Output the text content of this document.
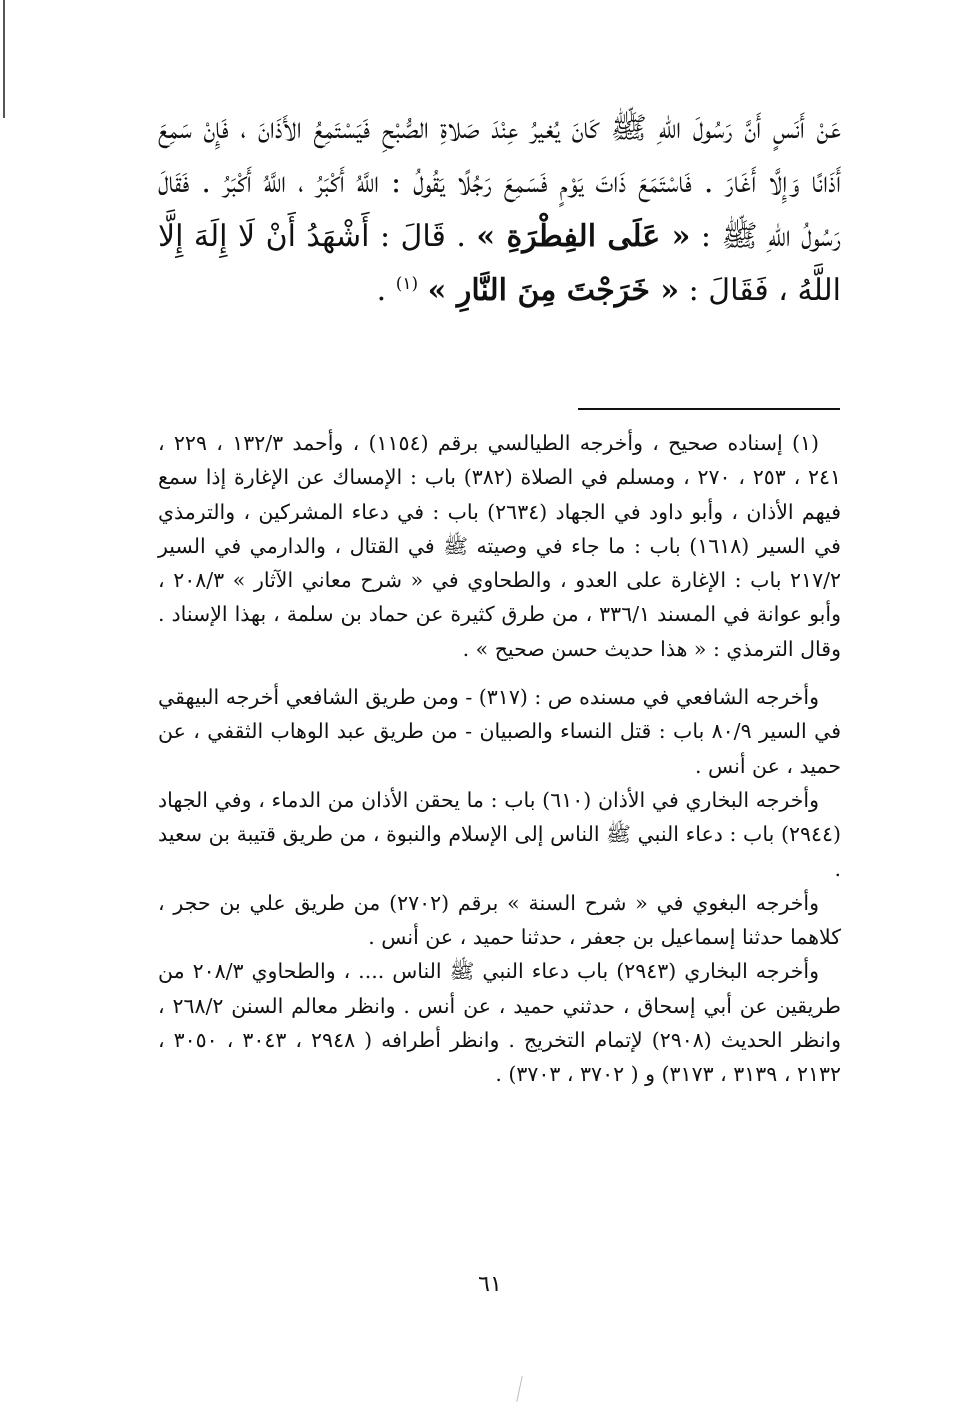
عَنْ أَنَسٍ أَنَّ رَسُولَ اللهِ ﷺ كَانَ يُغيرُ عِنْدَ صَلاةِ الصُّبْحِ فَيَسْتَمِعُ الأَذَانَ ، فَإِنْ سَمِعَ أَذَانًا وَإِلَّا أَغَارَ . فَاسْتَمَعَ ذَاتَ يَوْمٍ فَسَمِعَ رَجُلًا يَقُولُ : اللَّهُ أَكْبَرُ ، اللَّهُ أَكْبَرُ . فَقَالَ رَسُولُ اللهِ ﷺ : « عَلَى الفِطْرَةِ » . قَالَ : أَشْهَدُ أَنْ لَا إِلَهَ إِلَّا اللَّهُ ، فَقَالَ : « خَرَجْتَ مِنَ النَّارِ » $^{(١)}$ .

(١) إسناده صحيح ، وأخرجه الطيالسي برقم (١١٥٤) ، وأحمد ١٣٢/٣ ، ٢٢٩ ، ٢٤١ ، ٢٥٣ ، ٢٧٠ ، ومسلم في الصلاة (٣٨٢) باب : الإمساك عن الإغارة إذا سمع فيهم الأذان ، وأبو داود في الجهاد (٢٦٣٤) باب : في دعاء المشركين ، والترمذي في السير (١٦١٨) باب : ما جاء في وصيته ﷺ في القتال ، والدارمي في السير ٢١٧/٢ باب : الإغارة على العدو ، والطحاوي في « شرح معاني الآثار » ٢٠٨/٣ ، وأبو عوانة في المسند ٣٣٦/١ ، من طرق كثيرة عن حماد بن سلمة ، بهذا الإسناد . وقال الترمذي : « هذا حديث حسن صحيح » .

وأخرجه الشافعي في مسنده ص : (٣١٧) - ومن طريق الشافعي أخرجه البيهقي في السير ٨٠/٩ باب : قتل النساء والصبيان - من طريق عبد الوهاب الثقفي ، عن حميد ، عن أنس .

وأخرجه البخاري في الأذان (٦١٠) باب : ما يحقن الأذان من الدماء ، وفي الجهاد (٢٩٤٤) باب : دعاء النبي ﷺ الناس إلى الإسلام والنبوة ، من طريق قتيبة بن سعيد .

وأخرجه البغوي في « شرح السنة » برقم (٢٧٠٢) من طريق علي بن حجر ، كلاهما حدثنا إسماعيل بن جعفر ، حدثنا حميد ، عن أنس .

وأخرجه البخاري (٢٩٤٣) باب دعاء النبي ﷺ الناس .... ، والطحاوي ٢٠٨/٣ من طريقين عن أبي إسحاق ، حدثني حميد ، عن أنس . وانظر معالم السنن ٢٦٨/٢ ، وانظر الحديث (٢٩٠٨) لإتمام التخريج . وانظر أطرافه ( ٢٩٤٨ ، ٣٠٤٣ ، ٣٠٥٠ ، ٢١٣٢ ، ٣١٣٩ ، ٣١٧٣) و ( ٣٧٠٢ ، ٣٧٠٣) .

٦١
